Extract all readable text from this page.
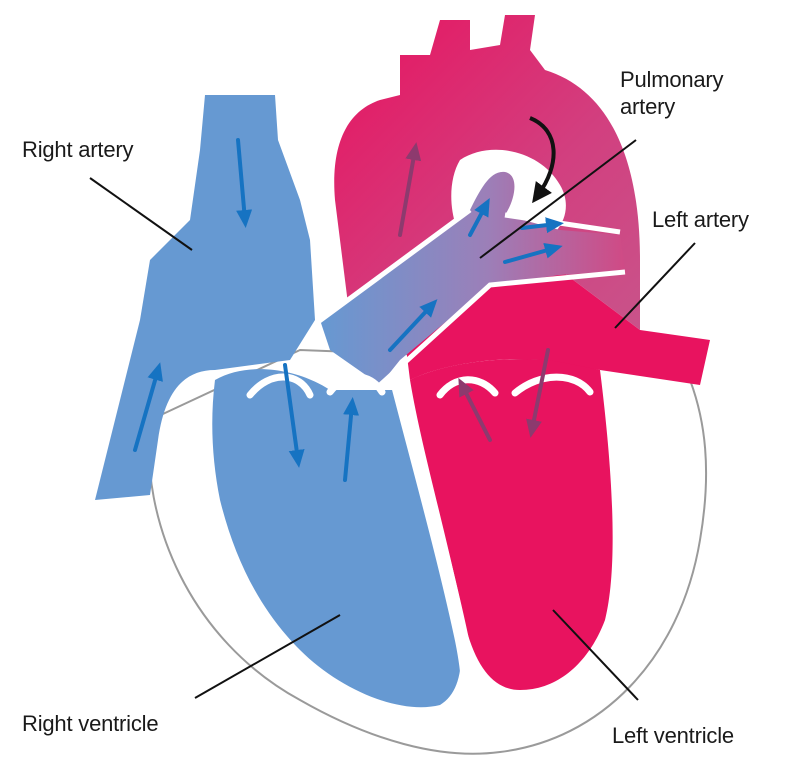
Right artery
Pulmonary
artery
Left artery
Right ventricle	Left ventricle
